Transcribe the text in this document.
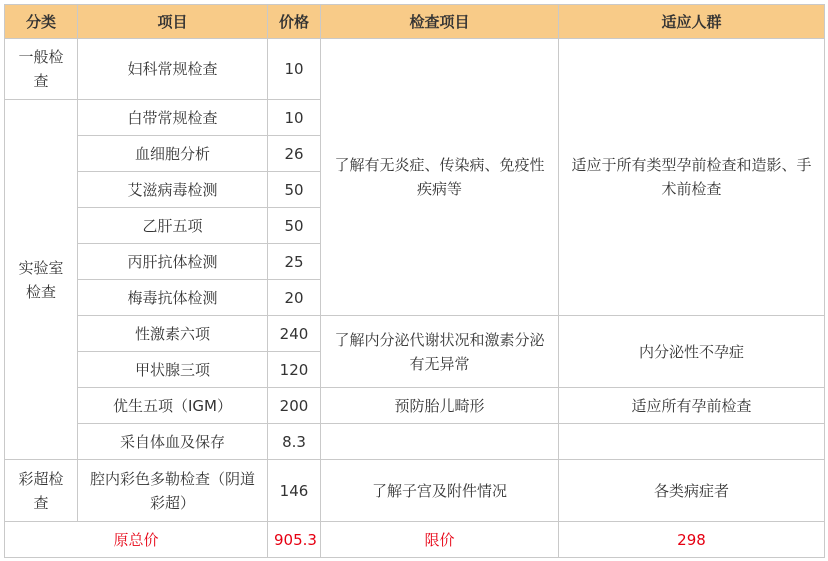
分类	项目	价格	检查项目	适应人群
一般检查	妇科常规检查	10	了解有无炎症、传染病、免疫性疾病等	适应于所有类型孕前检查和造影、手术前检查
实验室检查	白带常规检查	10		
	血细胞分析	26		
	艾滋病毒检测	50		
	乙肝五项	50		
	丙肝抗体检测	25		
	梅毒抗体检测	20		
	性激素六项	240	了解内分泌代谢状况和激素分泌有无异常	内分泌性不孕症
	甲状腺三项	120		
	优生五项（IGM）	200	预防胎儿畸形	适应所有孕前检查
	采自体血及保存	8.3		
彩超检查	腔内彩色多勒检查（阴道彩超）	146	了解子宫及附件情况	各类病症者
原总价		905.3	限价	298
